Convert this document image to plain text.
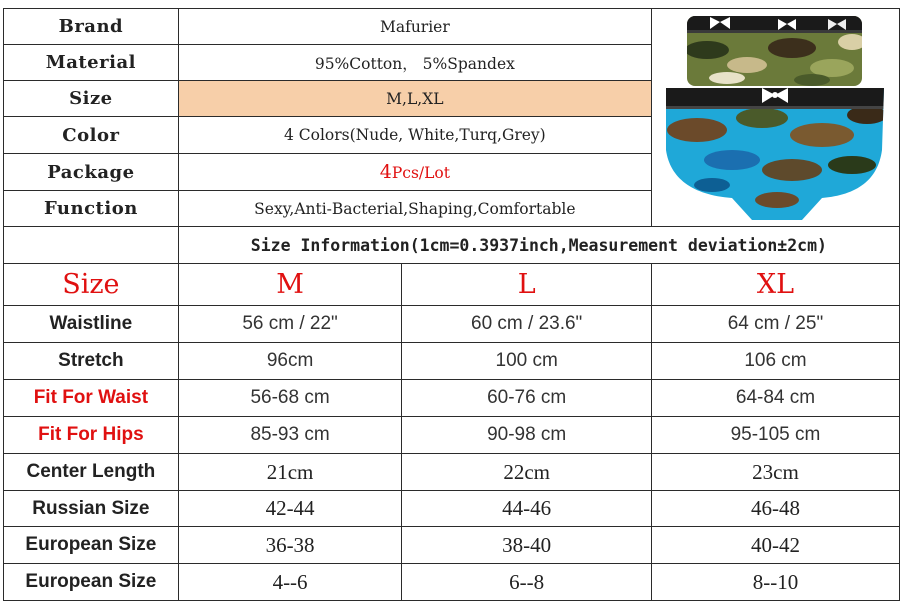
Brand	Mafurier	

Material	95%Cotton， 5%Spandex		
Size	M,L,XL		
Color	4 Colors(Nude, White,Turq,Grey)		
Package	4Pcs/Lot		
Function	Sexy,Anti-Bacterial,Shaping,Comfortable		
	Size Information(1cm=0.3937inch,Measurement deviation±2cm)		
Size	M	L	XL
Waistline	56 cm / 22"	60 cm / 23.6"	64 cm / 25"
Stretch	96cm	100 cm	106 cm
Fit For Waist	56-68 cm	60-76 cm	64-84 cm
Fit For Hips	85-93 cm	90-98 cm	95-105 cm
Center Length	21cm	22cm	23cm
Russian Size	42-44	44-46	46-48
European Size	36-38	38-40	40-42
European Size	4--6	6--8	8--10
